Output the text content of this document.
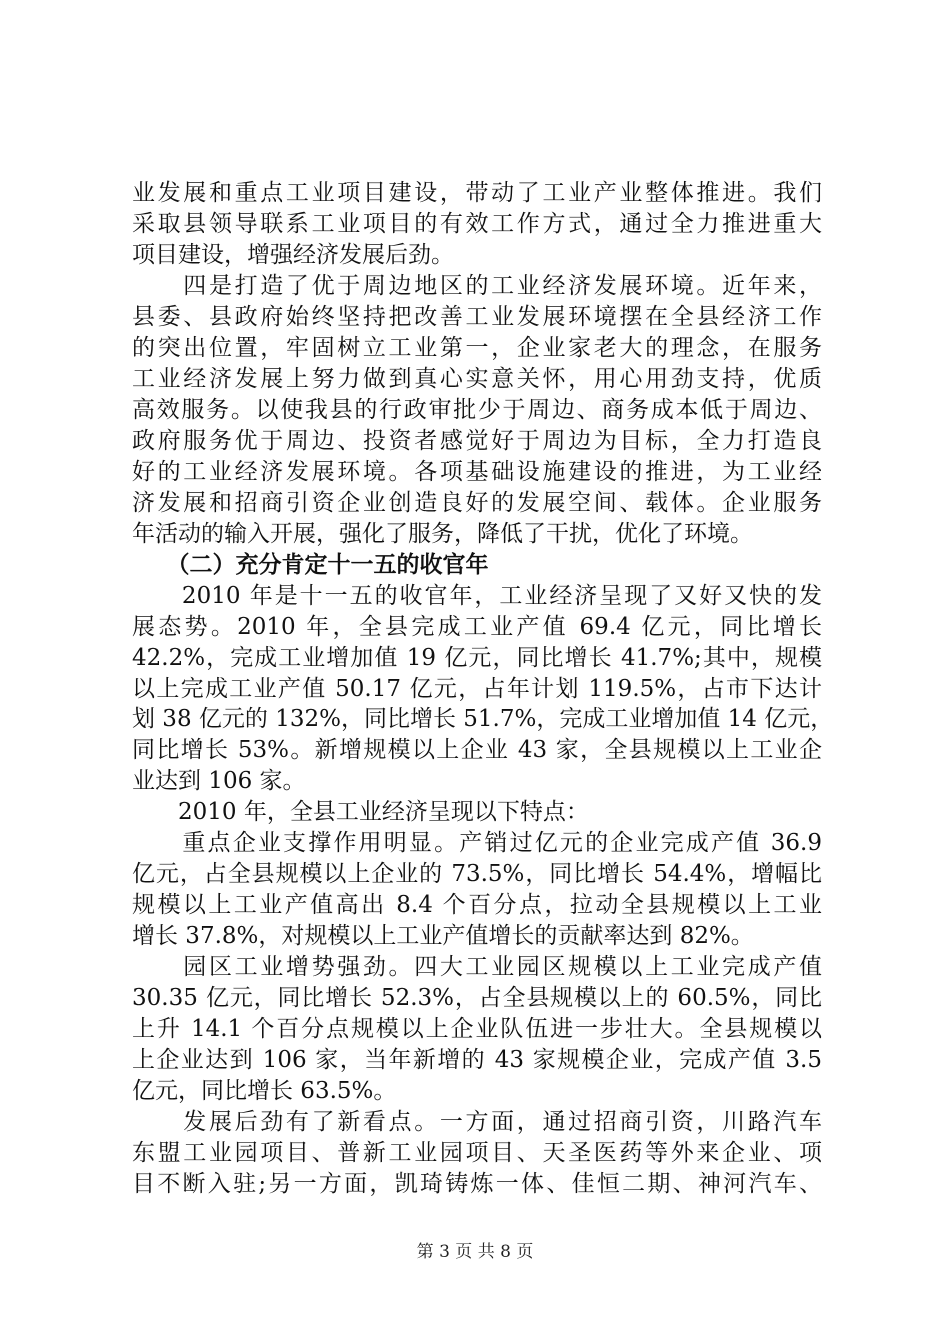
业发展和重点工业项目建设，带动了工业产业整体推进。我们
采取县领导联系工业项目的有效工作方式，通过全力推进重大
项目建设，增强经济发展后劲。
　　四是打造了优于周边地区的工业经济发展环境。近年来，
县委、县政府始终坚持把改善工业发展环境摆在全县经济工作
的突出位置，牢固树立工业第一，企业家老大的理念，在服务
工业经济发展上努力做到真心实意关怀，用心用劲支持，优质
高效服务。以使我县的行政审批少于周边、商务成本低于周边、
政府服务优于周边、投资者感觉好于周边为目标，全力打造良
好的工业经济发展环境。各项基础设施建设的推进，为工业经
济发展和招商引资企业创造良好的发展空间、载体。企业服务
年活动的输入开展，强化了服务，降低了干扰，优化了环境。
　　（二）充分肯定十一五的收官年
　　2010 年是十一五的收官年，工业经济呈现了又好又快的发
展态势。2010 年，全县完成工业产值 69.4 亿元，同比增长
42.2%，完成工业增加值 19 亿元，同比增长 41.7%;其中，规模
以上完成工业产值 50.17 亿元，占年计划 119.5%，占市下达计
划 38 亿元的 132%，同比增长 51.7%，完成工业增加值 14 亿元，
同比增长 53%。新增规模以上企业 43 家，全县规模以上工业企
业达到 106 家。
　　2010 年，全县工业经济呈现以下特点：
　　重点企业支撑作用明显。产销过亿元的企业完成产值 36.9
亿元，占全县规模以上企业的 73.5%，同比增长 54.4%，增幅比
规模以上工业产值高出 8.4 个百分点，拉动全县规模以上工业
增长 37.8%，对规模以上工业产值增长的贡献率达到 82%。
　　园区工业增势强劲。四大工业园区规模以上工业完成产值
30.35 亿元，同比增长 52.3%，占全县规模以上的 60.5%，同比
上升 14.1 个百分点规模以上企业队伍进一步壮大。全县规模以
上企业达到 106 家，当年新增的 43 家规模企业，完成产值 3.5
亿元，同比增长 63.5%。
　　发展后劲有了新看点。一方面，通过招商引资，川路汽车
东盟工业园项目、普新工业园项目、天圣医药等外来企业、项
目不断入驻;另一方面，凯琦铸炼一体、佳恒二期、神河汽车、
第 3 页 共 8 页
